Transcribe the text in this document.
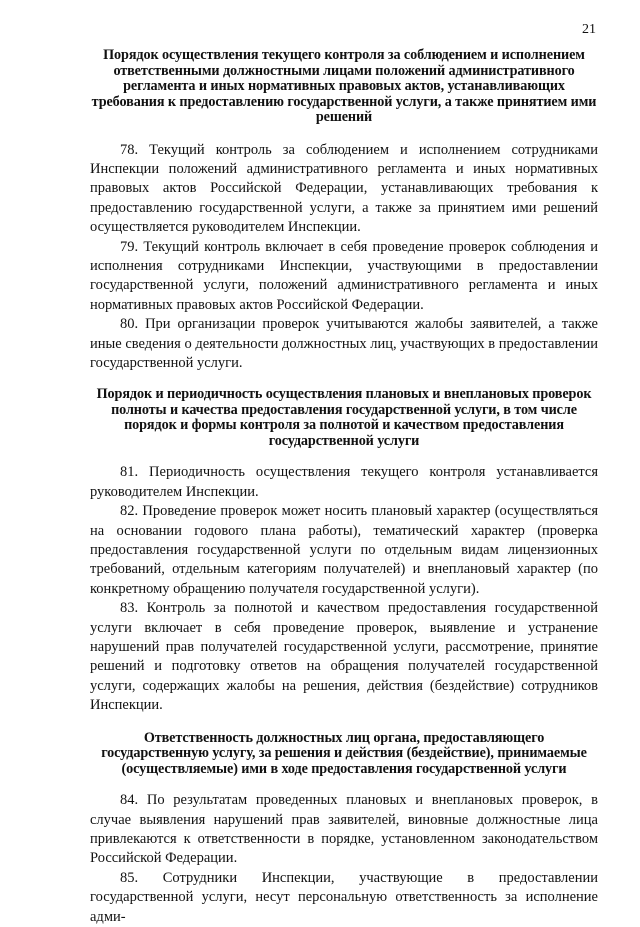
21
Порядок осуществления текущего контроля за соблюдением и исполнением ответственными должностными лицами положений административного регламента и иных нормативных правовых актов, устанавливающих требования к предоставлению государственной услуги, а также принятием ими решений

78. Текущий контроль за соблюдением и исполнением сотрудниками Инспекции положений административного регламента и иных нормативных правовых актов Российской Федерации, устанавливающих требования к предоставлению государственной услуги, а также за принятием ими решений осуществляется руководителем Инспекции.

79. Текущий контроль включает в себя проведение проверок соблюдения и исполнения сотрудниками Инспекции, участвующими в предоставлении государственной услуги, положений административного регламента и иных нормативных правовых актов Российской Федерации.

80. При организации проверок учитываются жалобы заявителей, а также иные сведения о деятельности должностных лиц, участвующих в предоставлении государственной услуги.

Порядок и периодичность осуществления плановых и внеплановых проверок полноты и качества предоставления государственной услуги, в том числе порядок и формы контроля за полнотой и качеством предоставления государственной услуги

81. Периодичность осуществления текущего контроля устанавливается руководителем Инспекции.

82. Проведение проверок может носить плановый характер (осуществляться на основании годового плана работы), тематический характер (проверка предоставления государственной услуги по отдельным видам лицензионных требований, отдельным категориям получателей) и внеплановый характер (по конкретному обращению получателя государственной услуги).

83. Контроль за полнотой и качеством предоставления государственной услуги включает в себя проведение проверок, выявление и устранение нарушений прав получателей государственной услуги, рассмотрение, принятие решений и подготовку ответов на обращения получателей государственной услуги, содержащих жалобы на решения, действия (бездействие) сотрудников Инспекции.

Ответственность должностных лиц органа, предоставляющего государственную услугу, за решения и действия (бездействие), принимаемые (осуществляемые) ими в ходе предоставления государственной услуги

84. По результатам проведенных плановых и внеплановых проверок, в случае выявления нарушений прав заявителей, виновные должностные лица привлекаются к ответственности в порядке, установленном законодательством Российской Федерации.

85. Сотрудники Инспекции, участвующие в предоставлении государственной услуги, несут персональную ответственность за исполнение адми-
